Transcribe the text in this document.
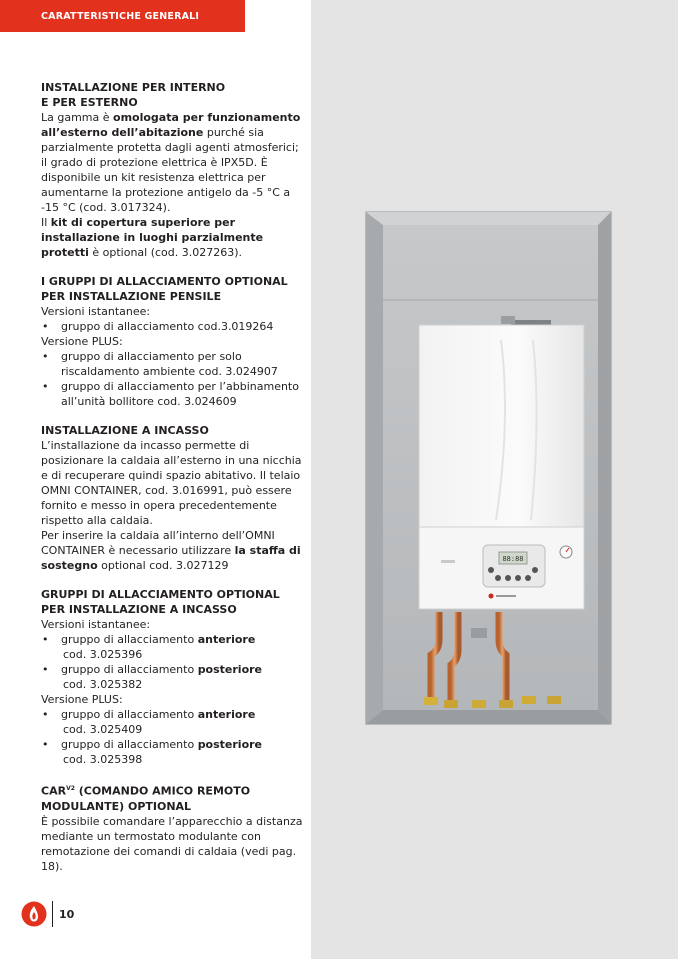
88:88
CARATTERISTICHE GENERALI
INSTALLAZIONE PER INTERNO
E PER ESTERNO

La gamma è omologata per funzionamento all’esterno dell’abitazione purché sia parzialmente protetta dagli agenti atmosferici; il grado di protezione elettrica è IPX5D. È disponibile un kit resistenza elettrica per aumentarne la protezione antigelo da -5 °C a -15 °C (cod. 3.017324).

Il kit di copertura superiore per installazione in luoghi parzialmente protetti è optional (cod. 3.027263).

I GRUPPI DI ALLACCIAMENTO OPTIONAL
PER INSTALLAZIONE PENSILE

Versioni istantanee:

• gruppo di allacciamento cod.3.019264

Versione PLUS:

• gruppo di allacciamento per solo riscaldamento ambiente cod. 3.024907
• gruppo di allacciamento per l’abbinamento all’unità bollitore cod. 3.024609
INSTALLAZIONE A INCASSO

L’installazione da incasso permette di posizionare la caldaia all’esterno in una nicchia e di recuperare quindi spazio abitativo. Il telaio OMNI CONTAINER, cod. 3.016991, può essere fornito e messo in opera precedentemente rispetto alla caldaia.

Per inserire la caldaia all’interno dell’OMNI CONTAINER è necessario utilizzare la staffa di sostegno optional cod. 3.027129

GRUPPI DI ALLACCIAMENTO OPTIONAL
PER INSTALLAZIONE A INCASSO

Versioni istantanee:

• gruppo di allacciamento anteriore
cod. 3.025396
• gruppo di allacciamento posteriore
cod. 3.025382

Versione PLUS:

• gruppo di allacciamento anteriore
cod. 3.025409
• gruppo di allacciamento posteriore
cod. 3.025398
$CAR^{V2}$ (COMANDO AMICO REMOTO
MODULANTE) OPTIONAL

È possibile comandare l’apparecchio a distanza mediante un termostato modulante con remotazione dei comandi di caldaia (vedi pag. 18).

10
